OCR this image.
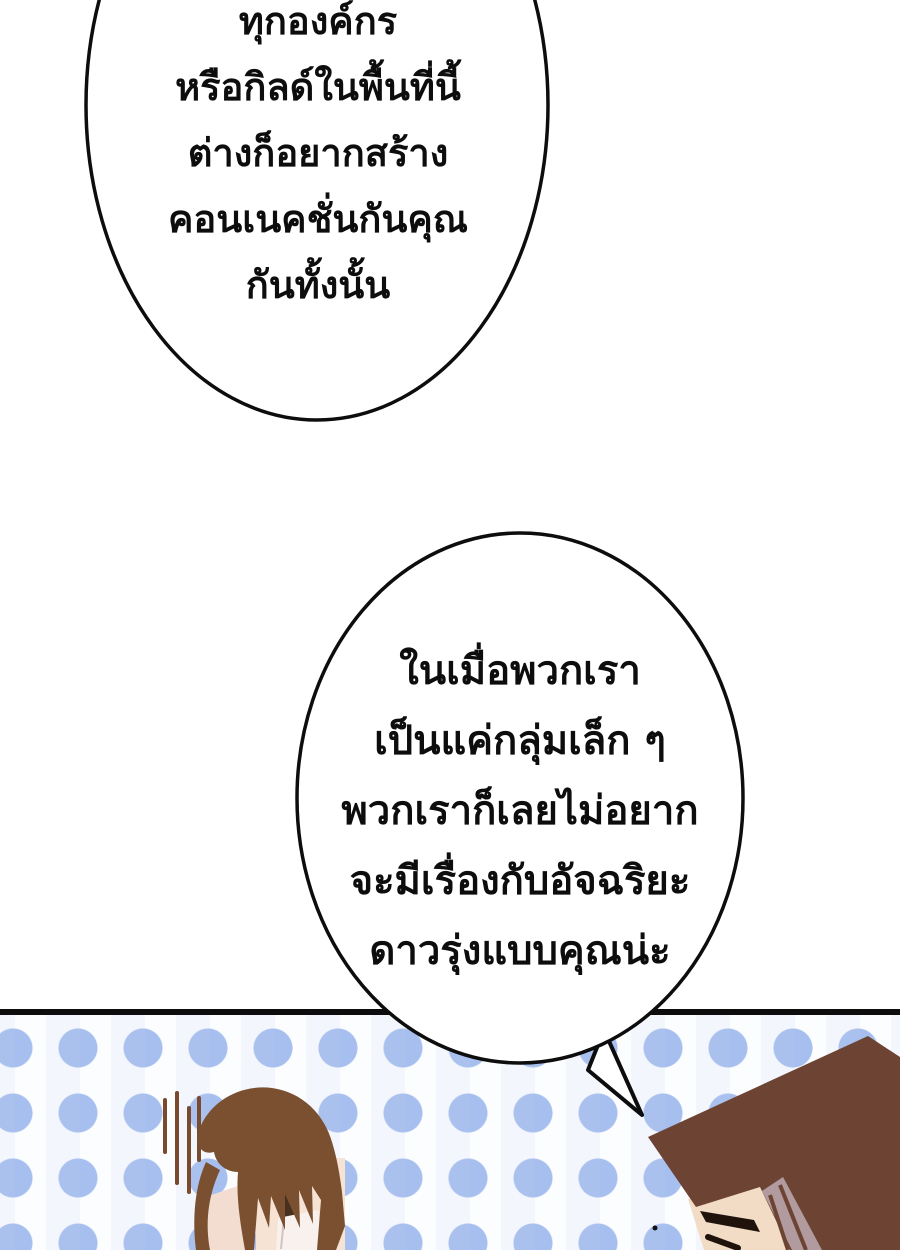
ทุกองค์กร
หรือกิลด์ในพื้นที่นี้
ต่างก็อยากสร้าง
คอนเนคชั่นกันคุณ
กันทั้งนั้น
ในเมื่อพวกเรา
เป็นแค่กลุ่มเล็ก ๆ
พวกเราก็เลยไม่อยาก
จะมีเรื่องกับอัจฉริยะ
ดาวรุ่งแบบคุณน่ะ
